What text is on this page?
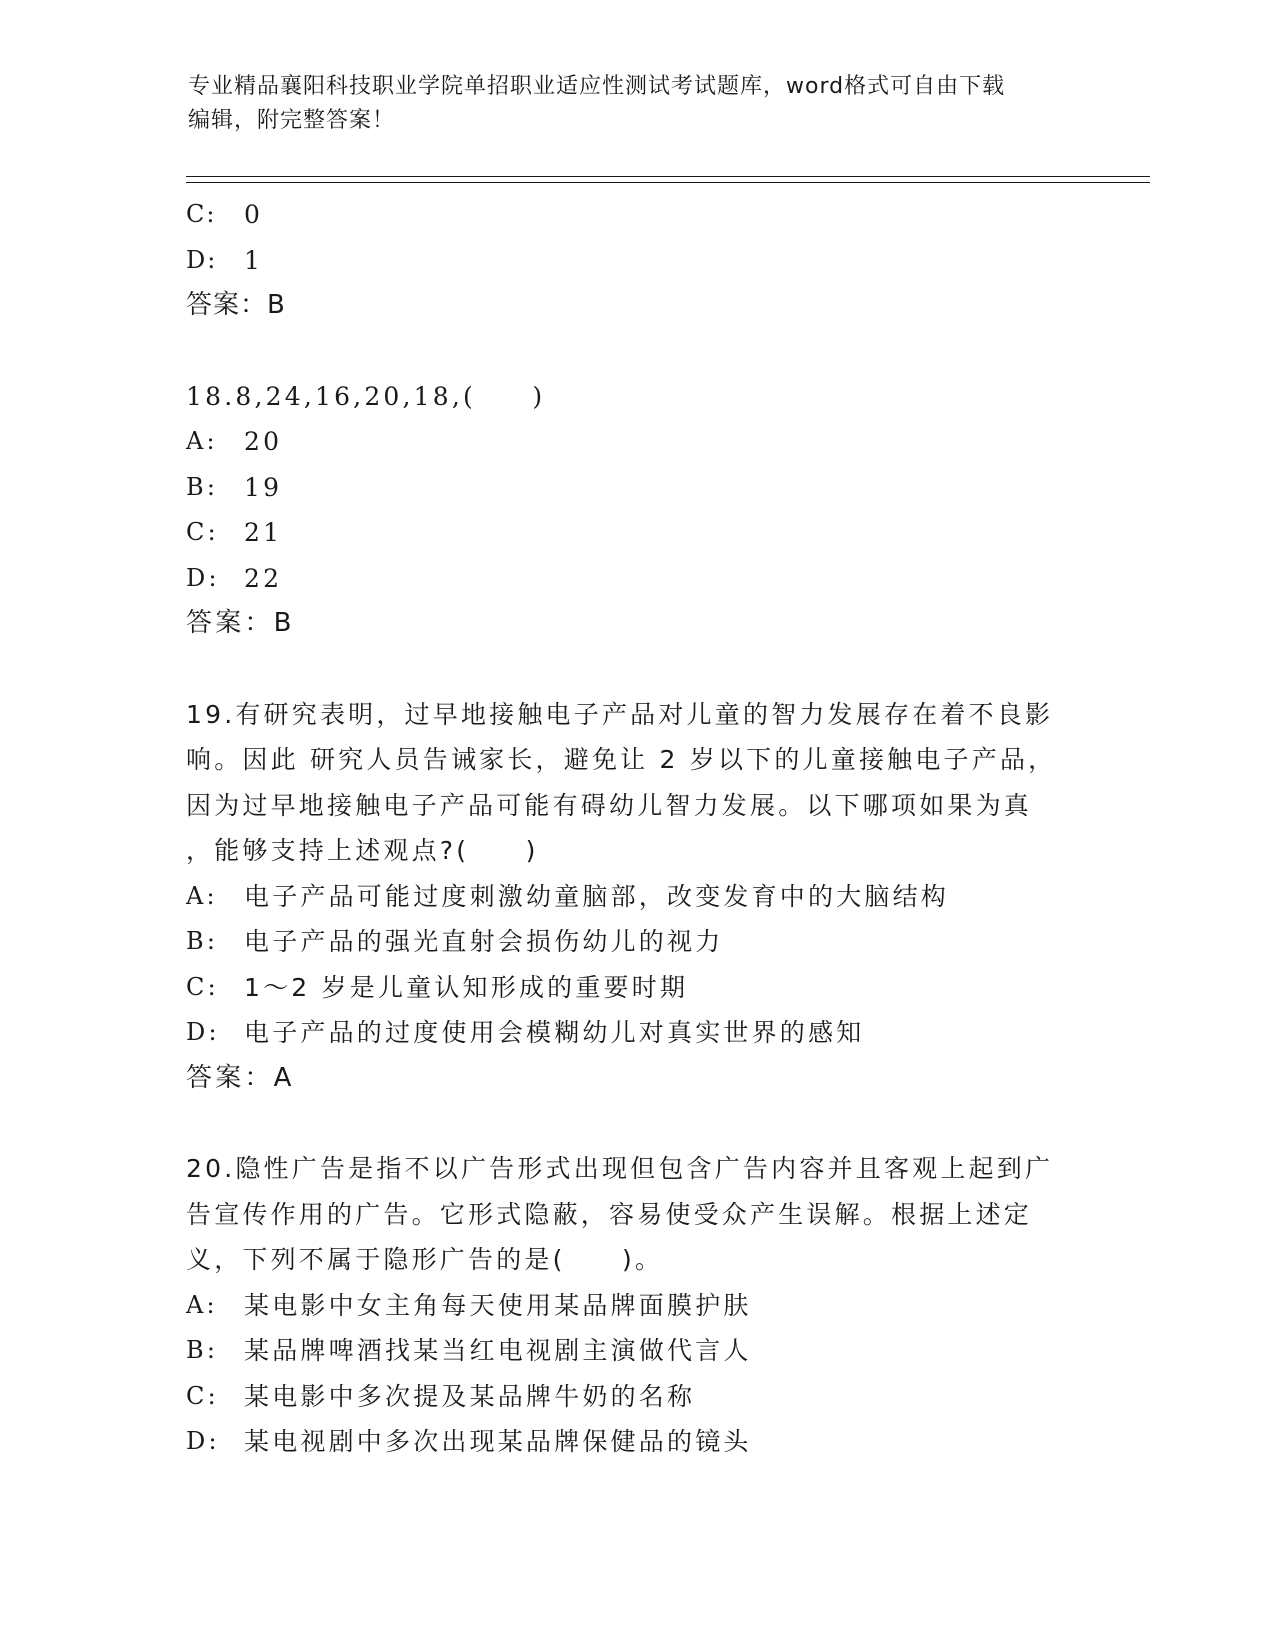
专业精品襄阳科技职业学院单招职业适应性测试考试题库，word格式可自由下载
编辑，附完整答案！
C:	0
D:	1
答案：B
18.8,24,16,20,18,(　　)
A:	20
B:	19
C:	21
D: 22
答案：B
19.有研究表明，过早地接触电子产品对儿童的智力发展存在着不良影
响。因此 研究人员告诫家长，避免让 2 岁以下的儿童接触电子产品，
因为过早地接触电子产品可能有碍幼儿智力发展。以下哪项如果为真
，能够支持上述观点?(　　)
A:	电子产品可能过度刺激幼童脑部，改变发育中的大脑结构
B:	电子产品的强光直射会损伤幼儿的视力
C:	1～2 岁是儿童认知形成的重要时期
D: 电子产品的过度使用会模糊幼儿对真实世界的感知
答案：A
20.隐性广告是指不以广告形式出现但包含广告内容并且客观上起到广
告宣传作用的广告。它形式隐蔽，容易使受众产生误解。根据上述定
义，下列不属于隐形广告的是(　　)。
A:	某电影中女主角每天使用某品牌面膜护肤
B:	某品牌啤酒找某当红电视剧主演做代言人
C:	某电影中多次提及某品牌牛奶的名称
D: 某电视剧中多次出现某品牌保健品的镜头
